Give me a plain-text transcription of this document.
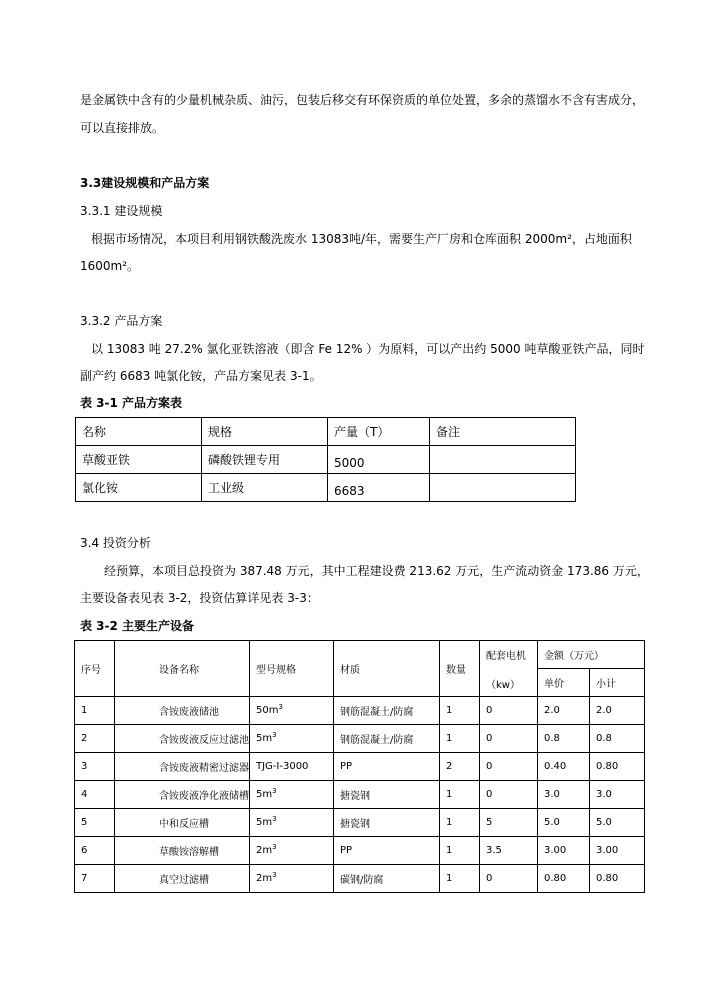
是金属铁中含有的少量机械杂质、油污，包装后移交有环保资质的单位处置，多余的蒸馏水不含有害成分，
可以直接排放。
3.3建设规模和产品方案
3.3.1 建设规模
根据市场情况，本项目利用钢铁酸洗废水 13083吨/年，需要生产厂房和仓库面积 2000m²，占地面积
1600m²。
3.3.2 产品方案
以 13083 吨 27.2% 氯化亚铁溶液（即含 Fe 12% ）为原料，可以产出约 5000 吨草酸亚铁产品，同时
副产约 6683 吨氯化铵，产品方案见表 3-1。
表 3-1 产品方案表
名称	规格	产量（T）	备注
草酸亚铁	磷酸铁锂专用	5000	
氯化铵	工业级	6683	
3.4 投资分析
经预算，本项目总投资为 387.48 万元，其中工程建设费 213.62 万元，生产流动资金 173.86 万元，
主要设备表见表 3-2，投资估算详见表 3-3：
表 3-2 主要生产设备
序号	设备名称	型号规格	材质	数量	配套电机
（kw）	金额（万元）	
						单价	小计
1	含铵废液储池	$50m^3$	钢筋混凝土/防腐	1	0	2.0	2.0
2	含铵废液反应过滤池	$5m^3$	钢筋混凝土/防腐	1	0	0.8	0.8
3	含铵废液精密过滤器	TJG-Ⅰ-3000	PP	2	0	0.40	0.80
4	含铵废液净化液储槽	$5m^3$	搪瓷钢	1	0	3.0	3.0
5	中和反应槽	$5m^3$	搪瓷钢	1	5	5.0	5.0
6	草酸铵溶解槽	$2m^3$	PP	1	3.5	3.00	3.00
7	真空过滤槽	$2m^3$	碳钢/防腐	1	0	0.80	0.80
